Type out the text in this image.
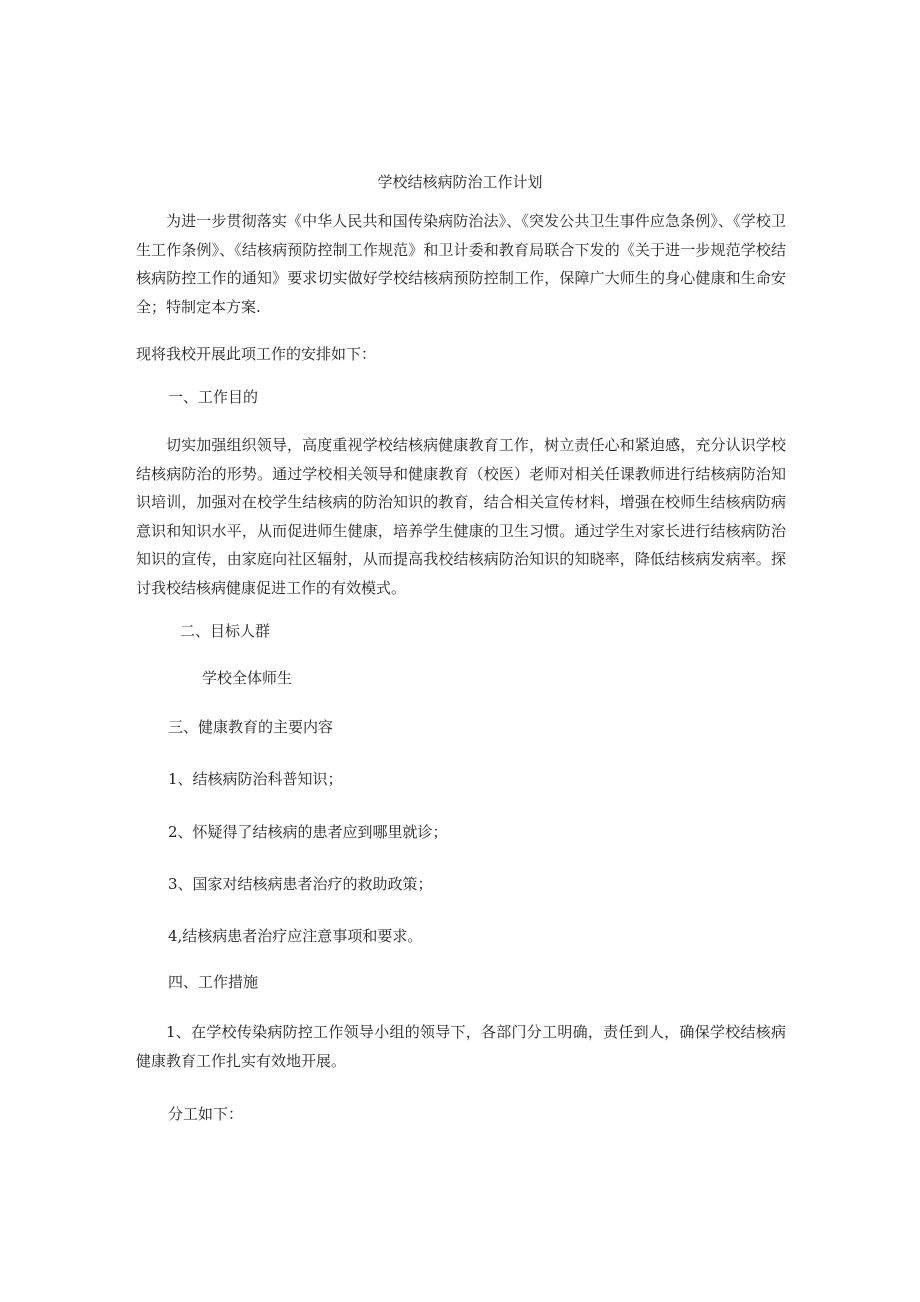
学校结核病防治工作计划

为进一步贯彻落实《中华人民共和国传染病防治法》、《突发公共卫生事件应急条例》、《学校卫生工作条例》、《结核病预防控制工作规范》和卫计委和教育局联合下发的《关于进一步规范学校结核病防控工作的通知》要求切实做好学校结核病预防控制工作，保障广大师生的身心健康和生命安全；特制定本方案.

现将我校开展此项工作的安排如下：

一、工作目的

切实加强组织领导，高度重视学校结核病健康教育工作，树立责任心和紧迫感，充分认识学校结核病防治的形势。通过学校相关领导和健康教育（校医）老师对相关任课教师进行结核病防治知识培训，加强对在校学生结核病的防治知识的教育，结合相关宣传材料，增强在校师生结核病防病意识和知识水平，从而促进师生健康，培养学生健康的卫生习惯。通过学生对家长进行结核病防治知识的宣传，由家庭向社区辐射，从而提高我校结核病防治知识的知晓率，降低结核病发病率。探讨我校结核病健康促进工作的有效模式。

二、目标人群

学校全体师生

三、健康教育的主要内容

1、结核病防治科普知识；

2、怀疑得了结核病的患者应到哪里就诊；

3、国家对结核病患者治疗的救助政策；

4,结核病患者治疗应注意事项和要求。

四、工作措施

1、在学校传染病防控工作领导小组的领导下，各部门分工明确，责任到人，确保学校结核病健康教育工作扎实有效地开展。

分工如下：
